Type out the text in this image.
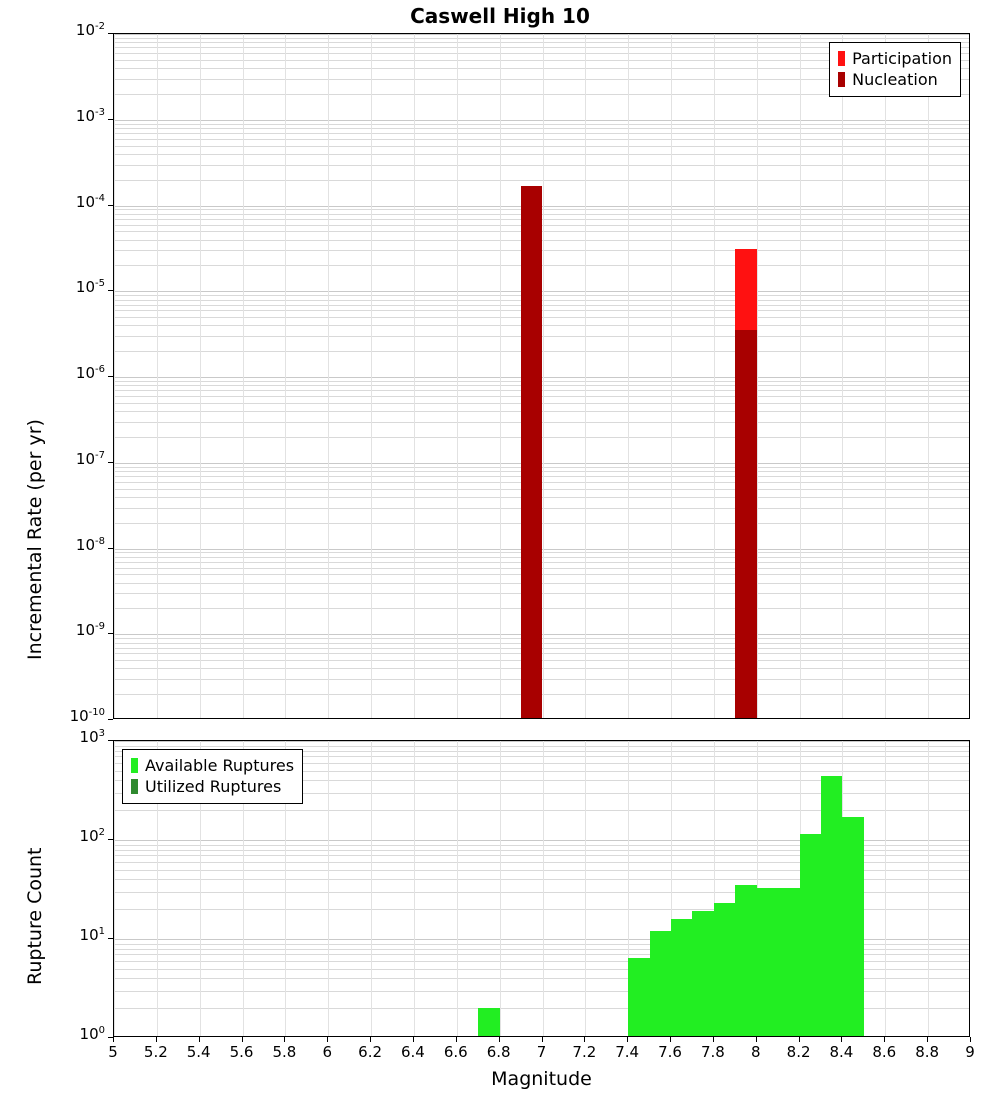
Caswell High 10
Participation
Nucleation
$10^{-10}$
$10^{-9}$
$10^{-8}$
$10^{-7}$
$10^{-6}$
$10^{-5}$
$10^{-4}$
$10^{-3}$
$10^{-2}$
Incremental Rate (per yr)
Available Ruptures
Utilized Ruptures
$10^0$
$10^1$
$10^2$
$10^3$
Rupture Count
5	5.2	5.4	5.6	5.8	6	6.2	6.4	6.6	6.8	7	7.2	7.4	7.6	7.8	8	8.2	8.4	8.6	8.8	9
Magnitude
